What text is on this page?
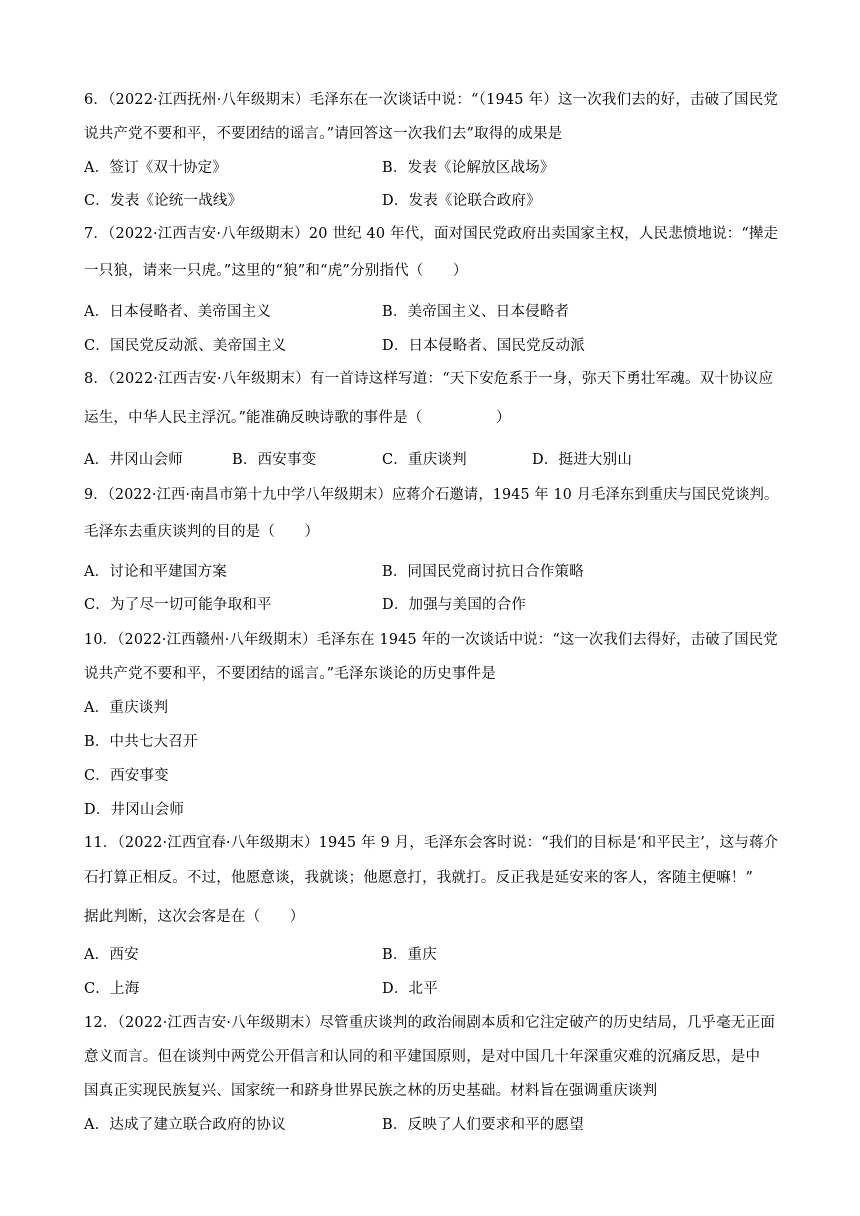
6．（2022·江西抚州·八年级期末）毛泽东在一次谈话中说：“（1945 年）这一次我们去的好，击破了国民党
说共产党不要和平，不要团结的谣言。”请回答这一次我们去”取得的成果是
A．签订《双十协定》	B．发表《论解放区战场》
C．发表《论统一战线》	D．发表《论联合政府》
7．（2022·江西吉安·八年级期末）20 世纪 40 年代，面对国民党政府出卖国家主权，人民悲愤地说：“撵走
一只狼，请来一只虎。”这里的“狼”和“虎”分别指代（　　）
A．日本侵略者、美帝国主义	B．美帝国主义、日本侵略者
C．国民党反动派、美帝国主义	D．日本侵略者、国民党反动派
8．（2022·江西吉安·八年级期末）有一首诗这样写道：“天下安危系于一身，弥天下勇壮军魂。双十协议应
运生，中华人民主浮沉。”能准确反映诗歌的事件是（　　　　　）
A．井冈山会师	B．西安事变	C．重庆谈判	D．挺进大别山
9．（2022·江西·南昌市第十九中学八年级期末）应蒋介石邀请，1945 年 10 月毛泽东到重庆与国民党谈判。
毛泽东去重庆谈判的目的是（　　）
A．讨论和平建国方案	B．同国民党商讨抗日合作策略
C．为了尽一切可能争取和平	D．加强与美国的合作
10．（2022·江西赣州·八年级期末）毛泽东在 1945 年的一次谈话中说：“这一次我们去得好，击破了国民党
说共产党不要和平，不要团结的谣言。”毛泽东谈论的历史事件是
A．重庆谈判
B．中共七大召开
C．西安事变
D．井冈山会师
11．（2022·江西宜春·八年级期末）1945 年 9 月，毛泽东会客时说：“我们的目标是‘和平民主’，这与蒋介
石打算正相反。不过，他愿意谈，我就谈；他愿意打，我就打。反正我是延安来的客人，客随主便嘛！”
据此判断，这次会客是在（　　）
A．西安	B．重庆
C．上海	D．北平
12．（2022·江西吉安·八年级期末）尽管重庆谈判的政治闹剧本质和它注定破产的历史结局，几乎毫无正面
意义而言。但在谈判中两党公开倡言和认同的和平建国原则，是对中国几十年深重灾难的沉痛反思，是中
国真正实现民族复兴、国家统一和跻身世界民族之林的历史基础。材料旨在强调重庆谈判
A．达成了建立联合政府的协议	B．反映了人们要求和平的愿望
